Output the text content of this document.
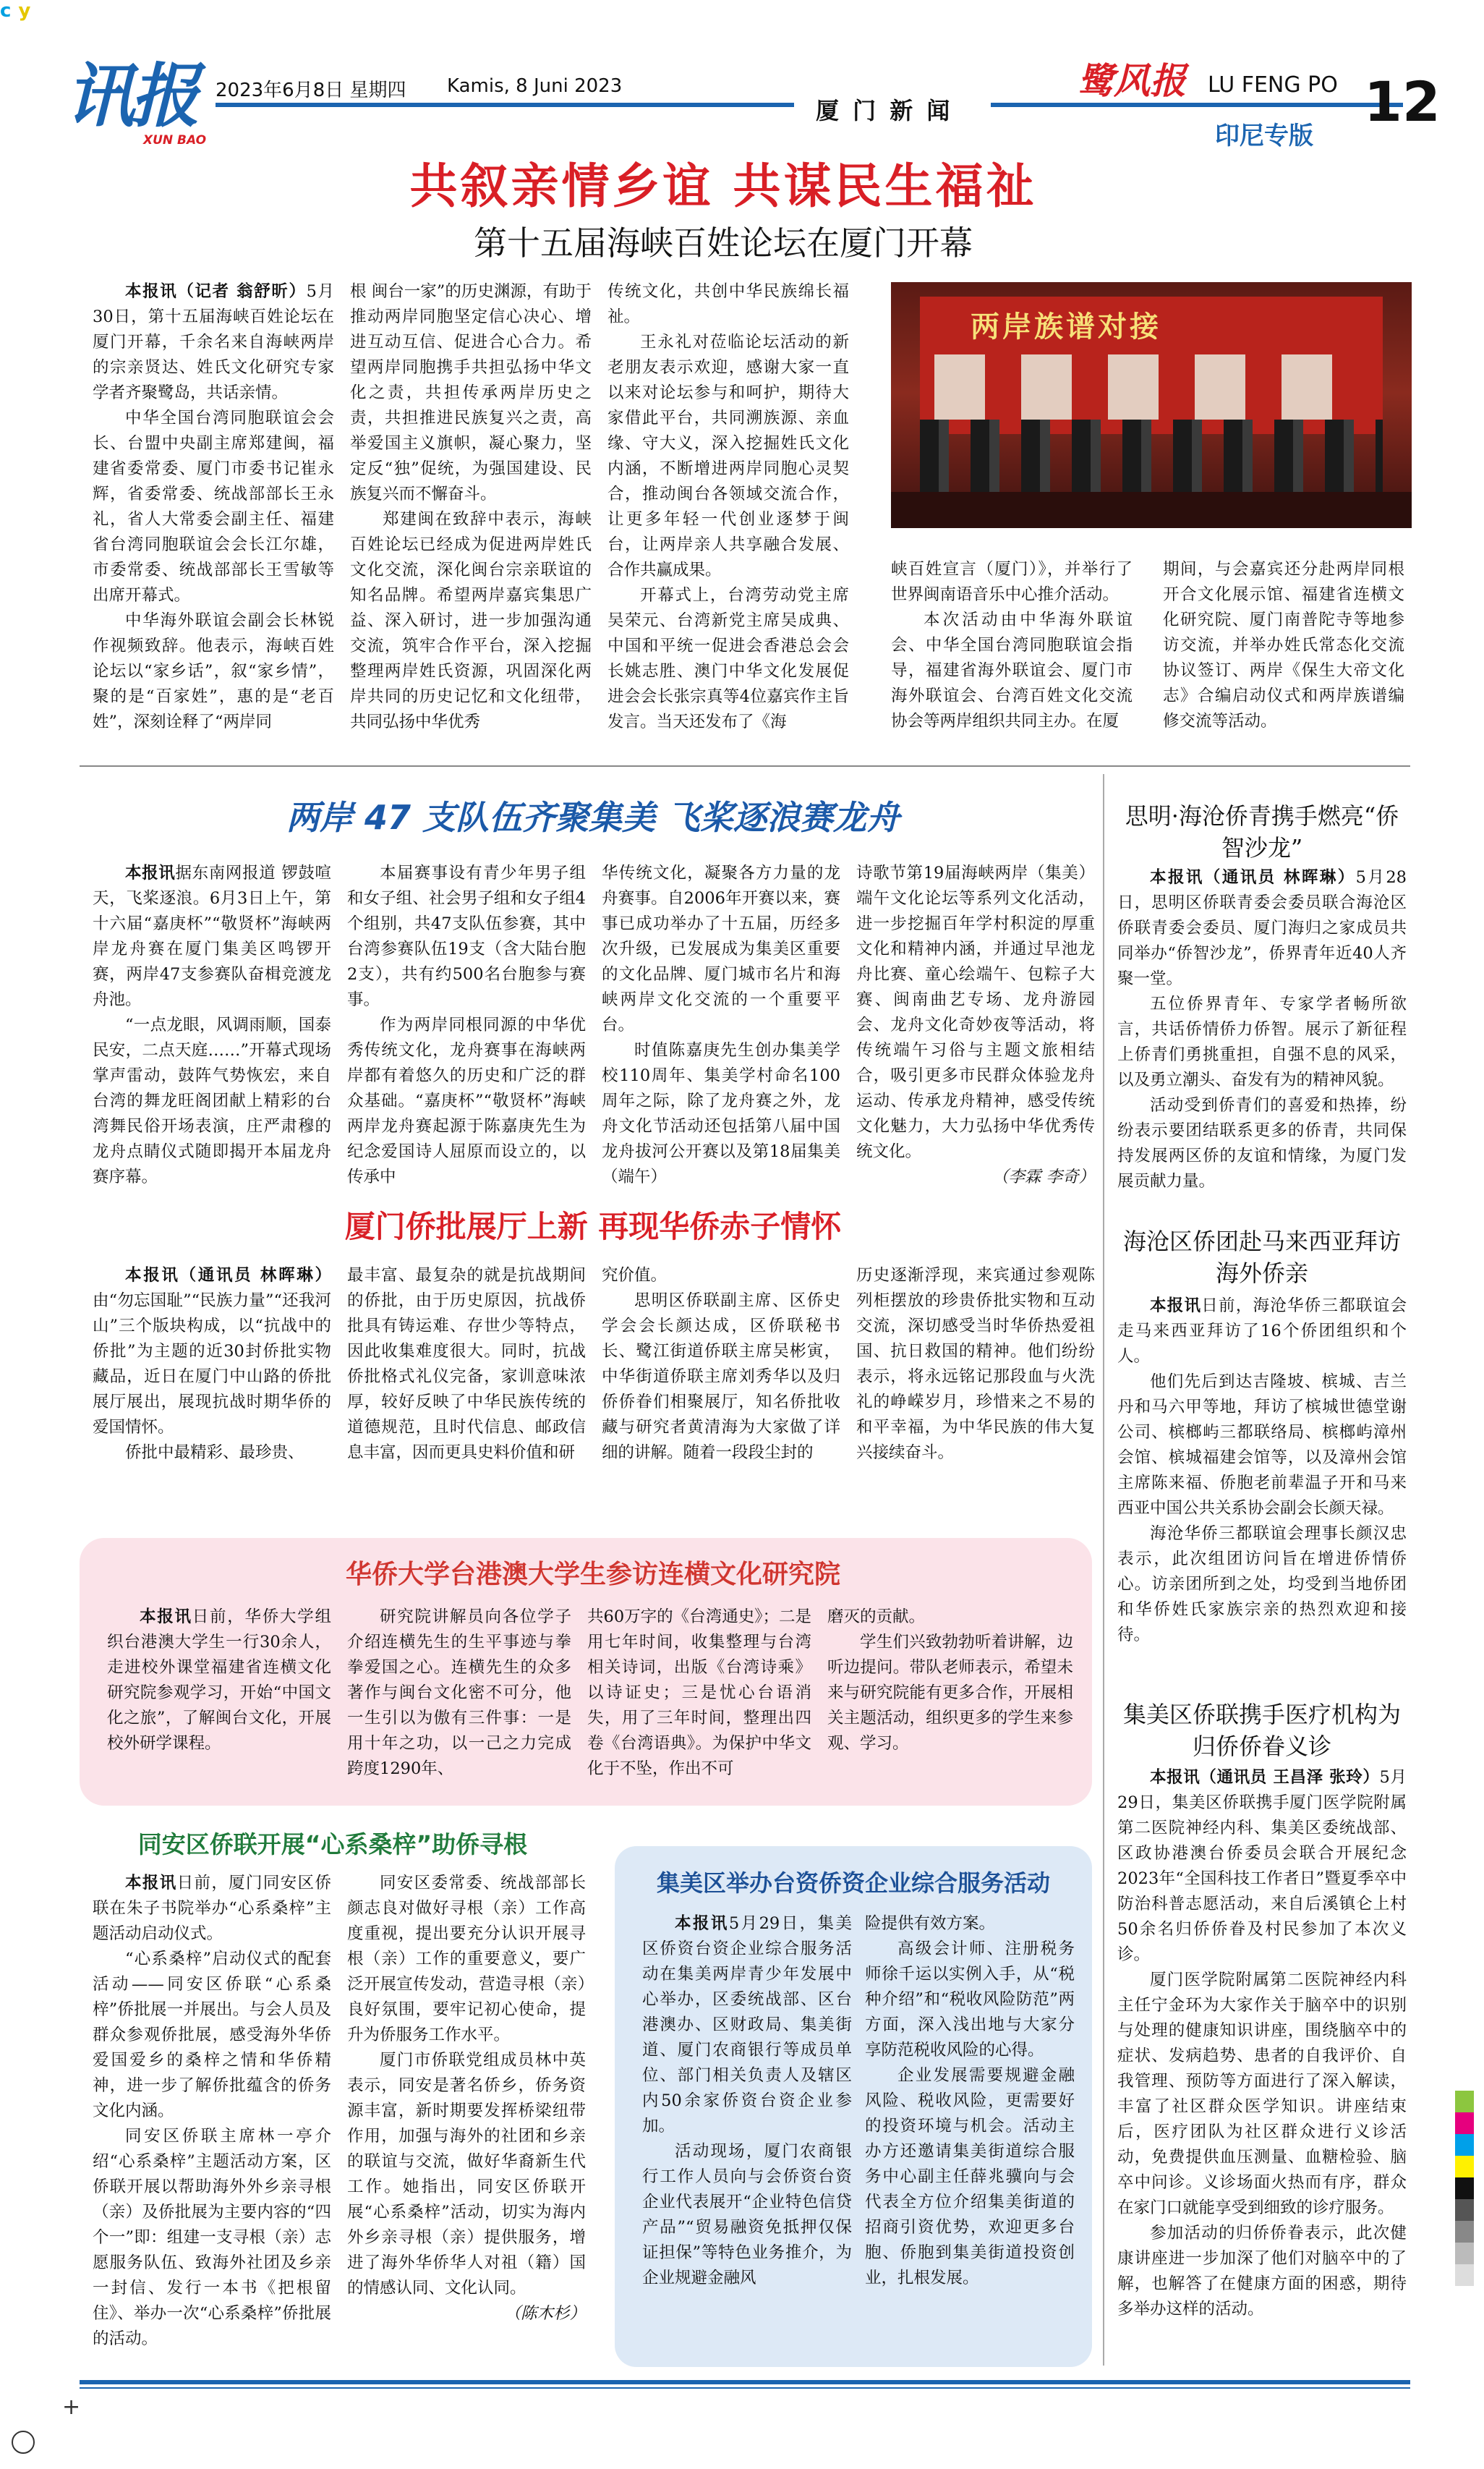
cy
讯报
XUN BAO
2023年6月8日 星期四 Kamis, 8 Juni 2023
厦 门 新 闻
鹭风报 LU FENG PO
印尼专版
12
共叙亲情乡谊 共谋民生福祉
第十五届海峡百姓论坛在厦门开幕

本报讯（记者 翁舒昕）5月30日，第十五届海峡百姓论坛在厦门开幕，千余名来自海峡两岸的宗亲贤达、姓氏文化研究专家学者齐聚鹭岛，共话亲情。

中华全国台湾同胞联谊会会长、台盟中央副主席郑建闽，福建省委常委、厦门市委书记崔永辉，省委常委、统战部部长王永礼，省人大常委会副主任、福建省台湾同胞联谊会会长江尔雄，市委常委、统战部部长王雪敏等出席开幕式。

中华海外联谊会副会长林锐作视频致辞。他表示，海峡百姓论坛以“家乡话”，叙“家乡情”，聚的是“百家姓”，惠的是“老百姓”，深刻诠释了“两岸同

根 闽台一家”的历史渊源，有助于推动两岸同胞坚定信心决心、增进互动互信、促进合心合力。希望两岸同胞携手共担弘扬中华文化之责，共担传承两岸历史之责，共担推进民族复兴之责，高举爱国主义旗帜，凝心聚力，坚定反“独”促统，为强国建设、民族复兴而不懈奋斗。

郑建闽在致辞中表示，海峡百姓论坛已经成为促进两岸姓氏文化交流，深化闽台宗亲联谊的知名品牌。希望两岸嘉宾集思广益、深入研讨，进一步加强沟通交流，筑牢合作平台，深入挖掘整理两岸姓氏资源，巩固深化两岸共同的历史记忆和文化纽带，共同弘扬中华优秀

传统文化，共创中华民族绵长福祉。

王永礼对莅临论坛活动的新老朋友表示欢迎，感谢大家一直以来对论坛参与和呵护，期待大家借此平台，共同溯族源、亲血缘、守大义，深入挖掘姓氏文化内涵，不断增进两岸同胞心灵契合，推动闽台各领域交流合作，让更多年轻一代创业逐梦于闽台，让两岸亲人共享融合发展、合作共赢成果。

开幕式上，台湾劳动党主席吴荣元、台湾新党主席吴成典、中国和平统一促进会香港总会会长姚志胜、澳门中华文化发展促进会会长张宗真等4位嘉宾作主旨发言。当天还发布了《海

两岸族谱对接

峡百姓宣言（厦门）》，并举行了世界闽南语音乐中心推介活动。

本次活动由中华海外联谊会、中华全国台湾同胞联谊会指导，福建省海外联谊会、厦门市海外联谊会、台湾百姓文化交流协会等两岸组织共同主办。在厦

期间，与会嘉宾还分赴两岸同根开合文化展示馆、福建省连横文化研究院、厦门南普陀寺等地参访交流，并举办姓氏常态化交流协议签订、两岸《保生大帝文化志》合编启动仪式和两岸族谱编修交流等活动。

两岸 47 支队伍齐聚集美 飞桨逐浪赛龙舟

本报讯据东南网报道 锣鼓喧天，飞桨逐浪。6月3日上午，第十六届“嘉庚杯”“敬贤杯”海峡两岸龙舟赛在厦门集美区鸣锣开赛，两岸47支参赛队奋楫竞渡龙舟池。

“一点龙眼，风调雨顺，国泰民安，二点天庭……”开幕式现场掌声雷动，鼓阵气势恢宏，来自台湾的舞龙旺阁团献上精彩的台湾舞民俗开场表演，庄严肃穆的龙舟点睛仪式随即揭开本届龙舟赛序幕。

本届赛事设有青少年男子组和女子组、社会男子组和女子组4个组别，共47支队伍参赛，其中台湾参赛队伍19支（含大陆台胞2支），共有约500名台胞参与赛事。

作为两岸同根同源的中华优秀传统文化，龙舟赛事在海峡两岸都有着悠久的历史和广泛的群众基础。“嘉庚杯”“敬贤杯”海峡两岸龙舟赛起源于陈嘉庚先生为纪念爱国诗人屈原而设立的，以传承中

华传统文化，凝聚各方力量的龙舟赛事。自2006年开赛以来，赛事已成功举办了十五届，历经多次升级，已发展成为集美区重要的文化品牌、厦门城市名片和海峡两岸文化交流的一个重要平台。

时值陈嘉庚先生创办集美学校110周年、集美学村命名100周年之际，除了龙舟赛之外，龙舟文化节活动还包括第八届中国龙舟拔河公开赛以及第18届集美（端午）

诗歌节第19届海峡两岸（集美）端午文化论坛等系列文化活动，进一步挖掘百年学村积淀的厚重文化和精神内涵，并通过早池龙舟比赛、童心绘端午、包粽子大赛、闽南曲艺专场、龙舟游园会、龙舟文化奇妙夜等活动，将传统端午习俗与主题文旅相结合，吸引更多市民群众体验龙舟运动、传承龙舟精神，感受传统文化魅力，大力弘扬中华优秀传统文化。

（李霖 李奇）

思明·海沧侨青携手燃亮“侨智沙龙”

本报讯（通讯员 林晖琳）5月28日，思明区侨联青委会委员联合海沧区侨联青委会委员、厦门海归之家成员共同举办“侨智沙龙”，侨界青年近40人齐聚一堂。

五位侨界青年、专家学者畅所欲言，共话侨情侨力侨智。展示了新征程上侨青们勇挑重担，自强不息的风采，以及勇立潮头、奋发有为的精神风貌。

活动受到侨青们的喜爱和热捧，纷纷表示要团结联系更多的侨青，共同保持发展两区侨的友谊和情缘，为厦门发展贡献力量。

厦门侨批展厅上新 再现华侨赤子情怀

本报讯（通讯员 林晖琳）由“勿忘国耻”“民族力量”“还我河山”三个版块构成，以“抗战中的侨批”为主题的近30封侨批实物藏品，近日在厦门中山路的侨批展厅展出，展现抗战时期华侨的爱国情怀。

侨批中最精彩、最珍贵、

最丰富、最复杂的就是抗战期间的侨批，由于历史原因，抗战侨批具有铸运难、存世少等特点，因此收集难度很大。同时，抗战侨批格式礼仪完备，家训意味浓厚，较好反映了中华民族传统的道德规范，且时代信息、邮政信息丰富，因而更具史料价值和研

究价值。

思明区侨联副主席、区侨史学会会长颜达成，区侨联秘书长、鹭江街道侨联主席吴彬寅，中华街道侨联主席刘秀华以及归侨侨眷们相聚展厅，知名侨批收藏与研究者黄清海为大家做了详细的讲解。随着一段段尘封的

历史逐渐浮现，来宾通过参观陈列柜摆放的珍贵侨批实物和互动交流，深切感受当时华侨热爱祖国、抗日救国的精神。他们纷纷表示，将永远铭记那段血与火洗礼的峥嵘岁月，珍惜来之不易的和平幸福，为中华民族的伟大复兴接续奋斗。

海沧区侨团赴马来西亚拜访海外侨亲

本报讯日前，海沧华侨三都联谊会走马来西亚拜访了16个侨团组织和个人。

他们先后到达吉隆坡、槟城、吉兰丹和马六甲等地，拜访了槟城世德堂谢公司、槟榔屿三都联络局、槟榔屿漳州会馆、槟城福建会馆等，以及漳州会馆主席陈来福、侨胞老前辈温子开和马来西亚中国公共关系协会副会长颜天禄。

海沧华侨三都联谊会理事长颜汉忠表示，此次组团访问旨在增进侨情侨心。访亲团所到之处，均受到当地侨团和华侨姓氏家族宗亲的热烈欢迎和接待。

华侨大学台港澳大学生参访连横文化研究院

本报讯日前，华侨大学组织台港澳大学生一行30余人，走进校外课堂福建省连横文化研究院参观学习，开始“中国文化之旅”，了解闽台文化，开展校外研学课程。

研究院讲解员向各位学子介绍连横先生的生平事迹与拳拳爱国之心。连横先生的众多著作与闽台文化密不可分，他一生引以为傲有三件事：一是用十年之功，以一己之力完成跨度1290年、

共60万字的《台湾通史》；二是用七年时间，收集整理与台湾相关诗词，出版《台湾诗乘》以诗证史；三是忧心台语消失，用了三年时间，整理出四卷《台湾语典》。为保护中华文化于不坠，作出不可

磨灭的贡献。

学生们兴致勃勃听着讲解，边听边提问。带队老师表示，希望未来与研究院能有更多合作，开展相关主题活动，组织更多的学生来参观、学习。

同安区侨联开展“心系桑梓”助侨寻根

本报讯日前，厦门同安区侨联在朱子书院举办“心系桑梓”主题活动启动仪式。

“心系桑梓”启动仪式的配套活动——同安区侨联“心系桑梓”侨批展一并展出。与会人员及群众参观侨批展，感受海外华侨爱国爱乡的桑梓之情和华侨精神，进一步了解侨批蕴含的侨务文化内涵。

同安区侨联主席林一亭介绍“心系桑梓”主题活动方案，区侨联开展以帮助海外外乡亲寻根（亲）及侨批展为主要内容的“四个一”即：组建一支寻根（亲）志愿服务队伍、致海外社团及乡亲一封信、发行一本书《把根留住》、举办一次“心系桑梓”侨批展的活动。

同安区委常委、统战部部长颜志良对做好寻根（亲）工作高度重视，提出要充分认识开展寻根（亲）工作的重要意义，要广泛开展宣传发动，营造寻根（亲）良好氛围，要牢记初心使命，提升为侨服务工作水平。

厦门市侨联党组成员林中英表示，同安是著名侨乡，侨务资源丰富，新时期要发挥桥梁纽带作用，加强与海外的社团和乡亲的联谊与交流，做好华裔新生代工作。她指出，同安区侨联开展“心系桑梓”活动，切实为海内外乡亲寻根（亲）提供服务，增进了海外华侨华人对祖（籍）国的情感认同、文化认同。

（陈木杉）

集美区举办台资侨资企业综合服务活动

本报讯5月29日，集美区侨资台资企业综合服务活动在集美两岸青少年发展中心举办，区委统战部、区台港澳办、区财政局、集美街道、厦门农商银行等成员单位、部门相关负责人及辖区内50余家侨资台资企业参加。

活动现场，厦门农商银行工作人员向与会侨资台资企业代表展开“企业特色信贷产品”“贸易融资免抵押仅保证担保”等特色业务推介，为企业规避金融风

险提供有效方案。

高级会计师、注册税务师徐千运以实例入手，从“税种介绍”和“税收风险防范”两方面，深入浅出地与大家分享防范税收风险的心得。

企业发展需要规避金融风险、税收风险，更需要好的投资环境与机会。活动主办方还邀请集美街道综合服务中心副主任薛兆骥向与会代表全方位介绍集美街道的招商引资优势，欢迎更多台胞、侨胞到集美街道投资创业，扎根发展。

集美区侨联携手医疗机构为归侨侨眷义诊

本报讯（通讯员 王昌泽 张玲）5月29日，集美区侨联携手厦门医学院附属第二医院神经内科、集美区委统战部、区政协港澳台侨委员会联合开展纪念2023年“全国科技工作者日”暨夏季卒中防治科普志愿活动，来自后溪镇仑上村50余名归侨侨眷及村民参加了本次义诊。

厦门医学院附属第二医院神经内科主任宁金环为大家作关于脑卒中的识别与处理的健康知识讲座，围绕脑卒中的症状、发病趋势、患者的自我评价、自我管理、预防等方面进行了深入解读，丰富了社区群众医学知识。讲座结束后，医疗团队为社区群众进行义诊活动，免费提供血压测量、血糖检验、脑卒中问诊。义诊场面火热而有序，群众在家门口就能享受到细致的诊疗服务。

参加活动的归侨侨眷表示，此次健康讲座进一步加深了他们对脑卒中的了解，也解答了在健康方面的困惑，期待多举办这样的活动。

+
